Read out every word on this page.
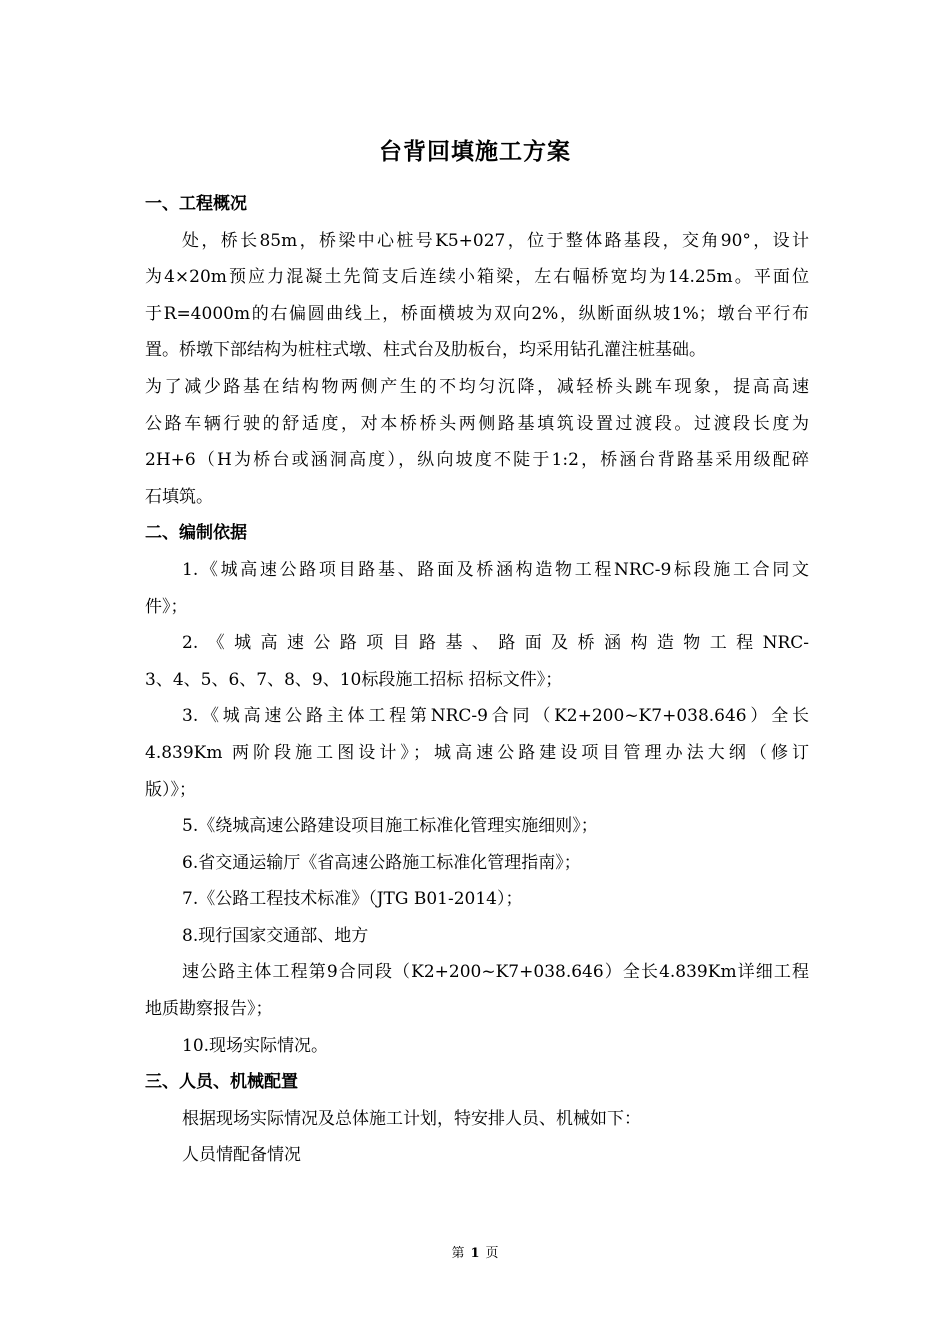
台背回填施工方案
一、工程概况
处，桥长85m，桥梁中心桩号K5+027，位于整体路基段，交角90°，设计
为4×20m预应力混凝土先简支后连续小箱梁，左右幅桥宽均为14.25m。平面位
于R=4000m的右偏圆曲线上，桥面横坡为双向2%，纵断面纵坡1%；墩台平行布
置。桥墩下部结构为桩柱式墩、柱式台及肋板台，均采用钻孔灌注桩基础。
为了减少路基在结构物两侧产生的不均匀沉降，减轻桥头跳车现象，提高高速
公路车辆行驶的舒适度，对本桥桥头两侧路基填筑设置过渡段。过渡段长度为
2H+6（H为桥台或涵洞高度），纵向坡度不陡于1:2，桥涵台背路基采用级配碎
石填筑。
二、编制依据
1.《城高速公路项目路基、路面及桥涵构造物工程NRC-9标段施工合同文
件》；
2.《城高速公路项目路基、路面及桥涵构造物工程NRC-
3、4、5、6、7、8、9、10标段施工招标 招标文件》；
3.《城高速公路主体工程第NRC-9合同（K2+200~K7+038.646）全长
4.839Km 两阶段施工图设计》；城高速公路建设项目管理办法大纲（修订
版）》；
5.《绕城高速公路建设项目施工标准化管理实施细则》；
6.省交通运输厅《省高速公路施工标准化管理指南》；
7.《公路工程技术标准》（JTG B01-2014）；
8.现行国家交通部、地方
速公路主体工程第9合同段（K2+200~K7+038.646）全长4.839Km详细工程
地质勘察报告》；
10.现场实际情况。
三、人员、机械配置
根据现场实际情况及总体施工计划，特安排人员、机械如下：
人员情配备情况
第 1 页
